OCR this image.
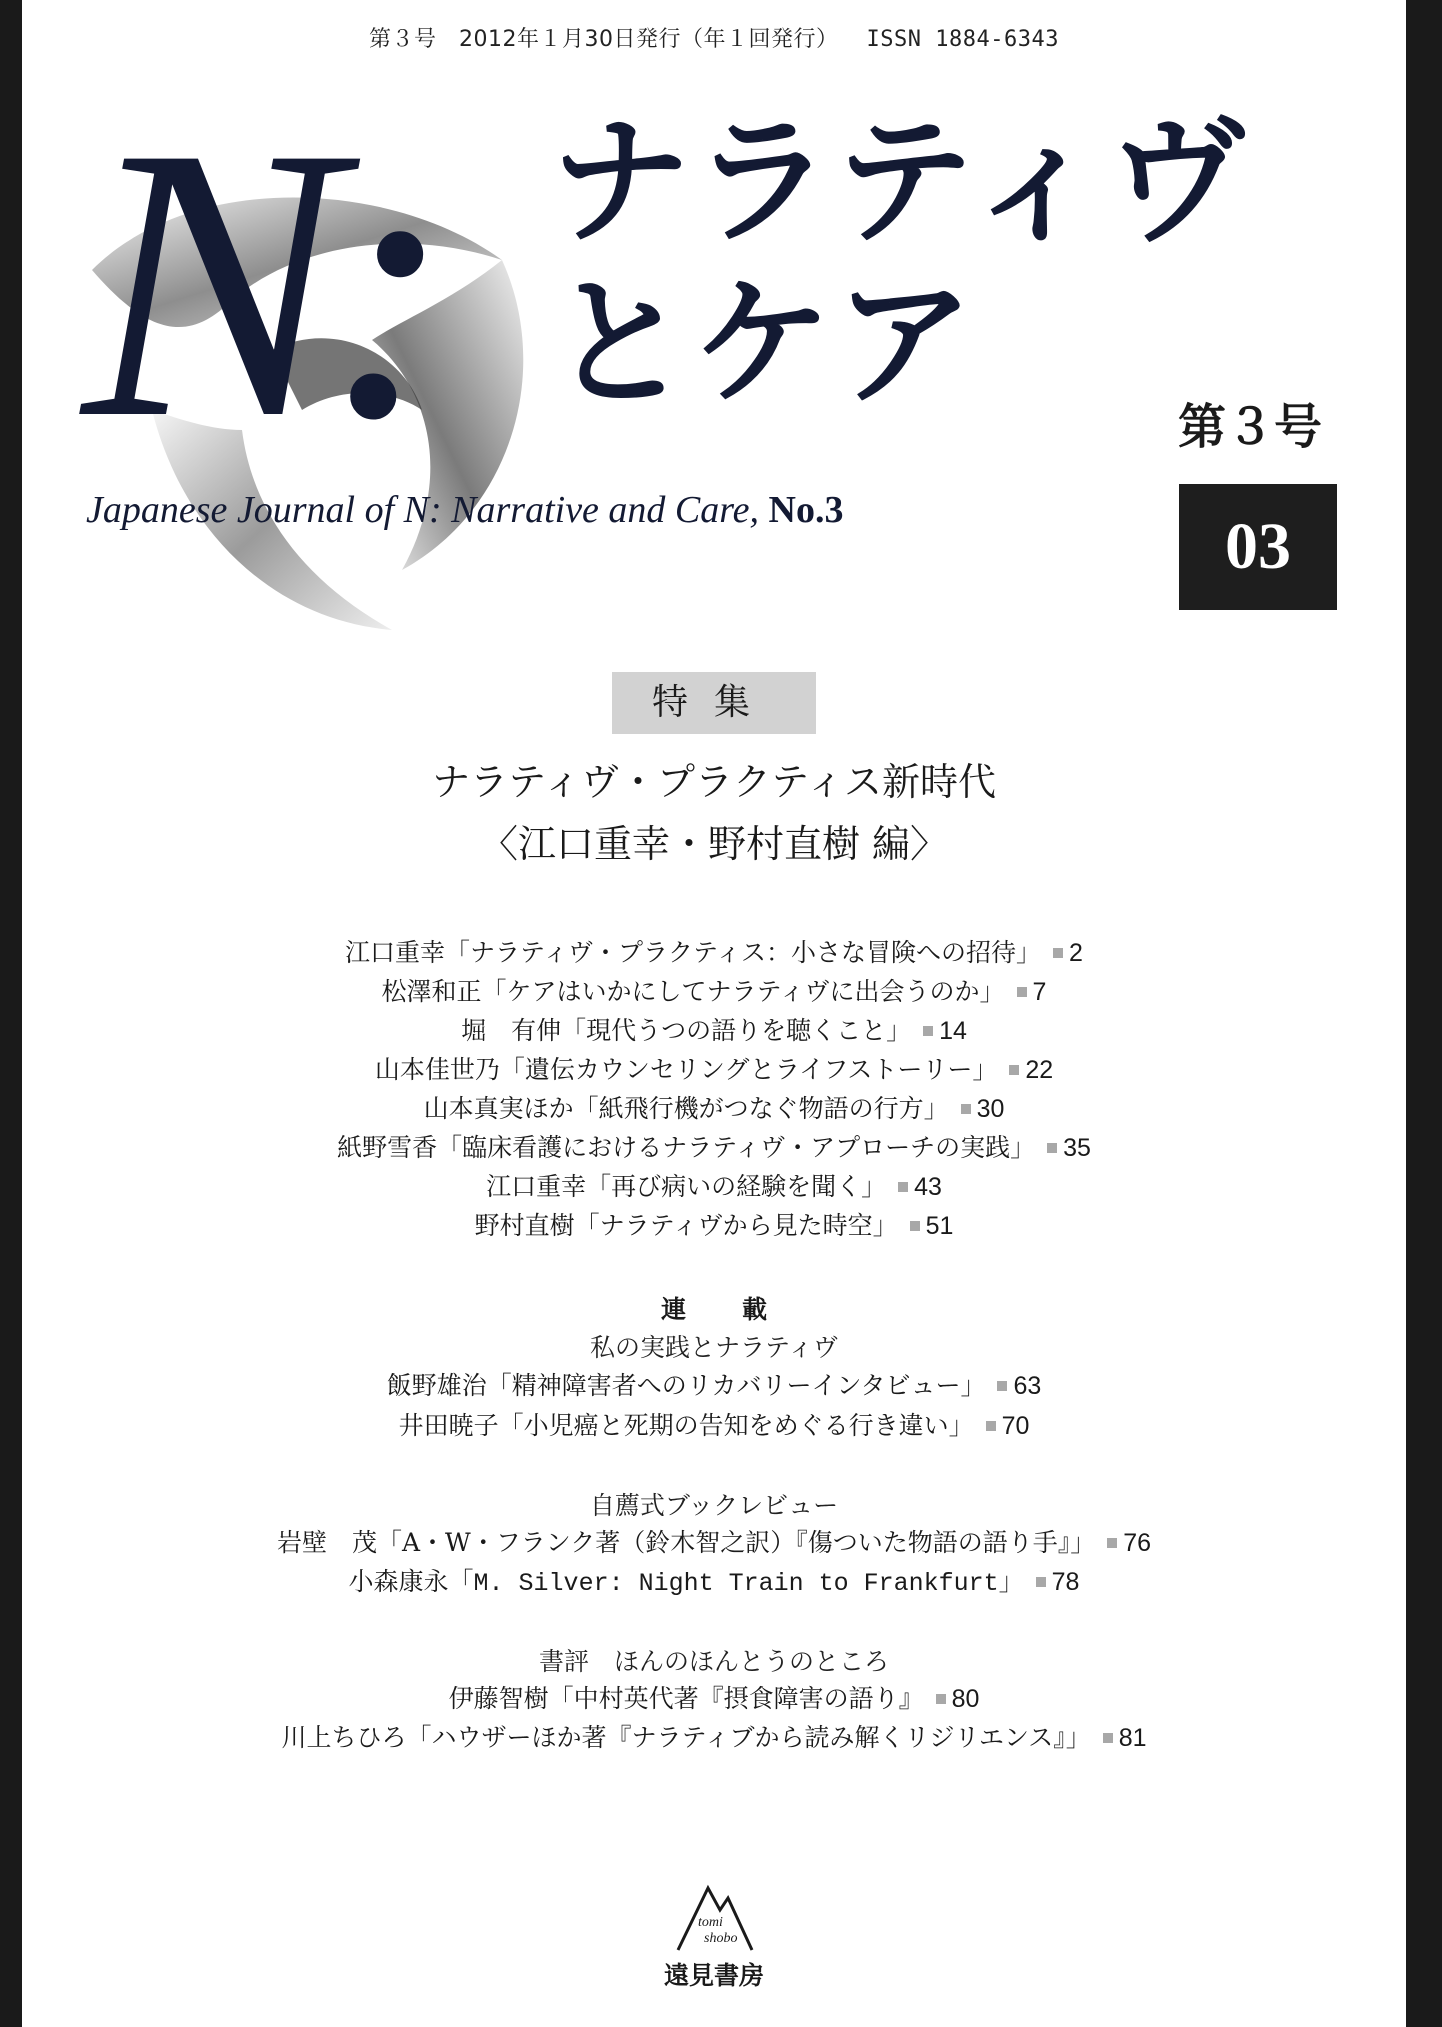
第３号　2012年１月30日発行（年１回発行） ISSN 1884-6343
N: ナラティヴ
とケア
第３号
03
Japanese Journal of N: Narrative and Care, No.3
特集
ナラティヴ・プラクティス新時代
〈江口重幸・野村直樹 編〉
江口重幸「ナラティヴ・プラクティス：小さな冒険への招待」 2
松澤和正「ケアはいかにしてナラティヴに出会うのか」 7
堀　有伸「現代うつの語りを聴くこと」 14
山本佳世乃「遺伝カウンセリングとライフストーリー」 22
山本真実ほか「紙飛行機がつなぐ物語の行方」 30
紙野雪香「臨床看護におけるナラティヴ・アプローチの実践」 35
江口重幸「再び病いの経験を聞く」 43
野村直樹「ナラティヴから見た時空」 51
連載
私の実践とナラティヴ
飯野雄治「精神障害者へのリカバリーインタビュー」 63
井田暁子「小児癌と死期の告知をめぐる行き違い」 70
自薦式ブックレビュー
岩壁　茂「A・W・フランク著（鈴木智之訳）『傷ついた物語の語り手』」 76
小森康永「M. Silver: Night Train to Frankfurt」 78
書評　ほんのほんとうのところ
伊藤智樹「中村英代著『摂食障害の語り』 80
川上ちひろ「ハウザーほか著『ナラティブから読み解くリジリエンス』」 81
tomi
shobo
遠見書房
